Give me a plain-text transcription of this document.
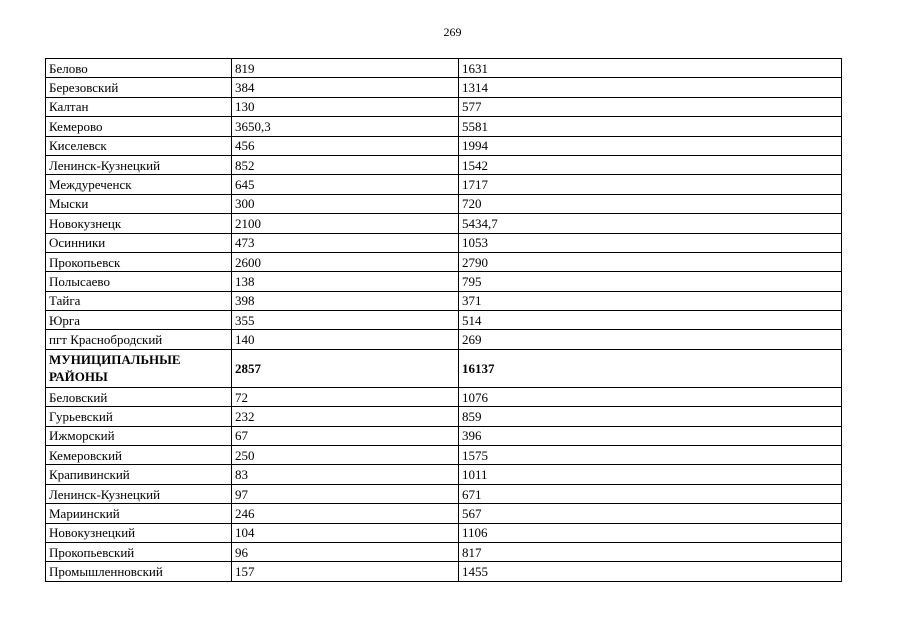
269
Белово	819	1631
Березовский	384	1314
Калтан	130	577
Кемерово	3650,3	5581
Киселевск	456	1994
Ленинск-Кузнецкий	852	1542
Междуреченск	645	1717
Мыски	300	720
Новокузнецк	2100	5434,7
Осинники	473	1053
Прокопьевск	2600	2790
Полысаево	138	795
Тайга	398	371
Юрга	355	514
пгт Краснобродский	140	269
МУНИЦИПАЛЬНЫЕ РАЙОНЫ	2857	16137
Беловский	72	1076
Гурьевский	232	859
Ижморский	67	396
Кемеровский	250	1575
Крапивинский	83	1011
Ленинск-Кузнецкий	97	671
Мариинский	246	567
Новокузнецкий	104	1106
Прокопьевский	96	817
Промышленновский	157	1455
